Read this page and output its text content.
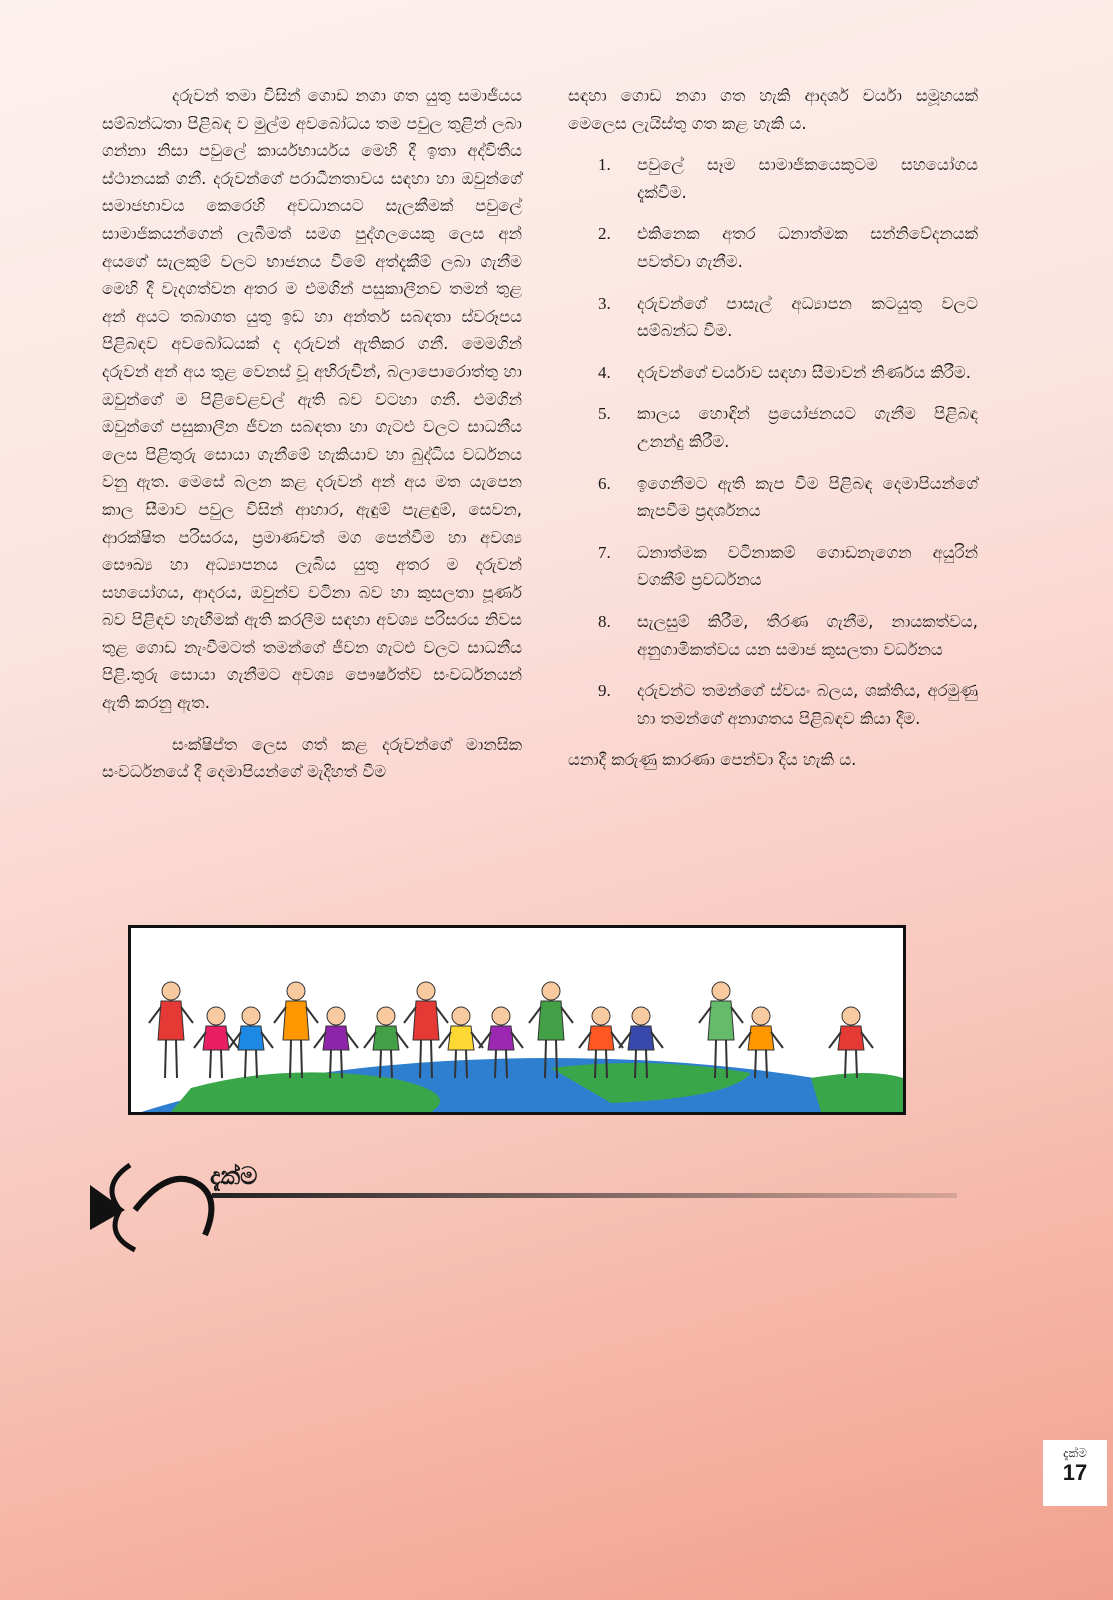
දරුවන් තමා විසින් ගොඩ නගා ගත යුතු සමාජීයය සම්බන්ධතා පිළිබඳ ව මුල්ම අවබෝධය තම පවුල තුළින් ලබා ගන්නා නිසා පවුලේ කාර්යභාර්යය මෙහි දී ඉතා අද්විතීය ස්ථානයක් ගනී. දරුවන්ගේ පරාධීනතාවය සඳහා හා ඔවුන්ගේ සමාජභාවය කෙරෙහි අවධානයට සැලකීමක් පවුලේ සාමාජිකයන්ගෙන් ලැබීමත් සමග පුද්ගලයෙකු ලෙස අන් අයගේ සැලකුම් වලට භාජනය වීමේ අත්දැකීම් ලබා ගැනීම මෙහි දී වැදගත්වන අතර ම එමගින් පසුකාලීනව තමන් තුළ අන් අයට තබාගත යුතු ඉඩ හා අන්තර් සබඳතා ස්වරූපය පිළිබඳව අවබෝධයක් ද දරුවන් ඇතිකර ගනී. මෙමගින් දරුවන් අන් අය තුළ වෙනස් වූ අභිරුචීන්, බලාපොරොත්තු හා ඔවුන්ගේ ම පිළිවෙළවල් ඇති බව වටහා ගනී. එමගින් ඔවුන්ගේ පසුකාලීන ජීවන සබඳතා හා ගැටළු වලට සාධනීය ලෙස පිළිතුරු සොයා ගැනීමේ හැකියාව හා බුද්ධිය වර්ධනය වනු ඇත. මෙසේ බලන කළ දරුවන් අන් අය මත යැපෙන කාල සීමාව පවුල විසින් ආහාර, ඇඳුම් පැළඳුම්, සෙවන, ආරක්ෂිත පරිසරය, ප්‍රමාණවත් මග පෙන්වීම හා අවශ්‍ය සෞඛ්‍ය හා අධ්‍යාපනය ලැබිය යුතු අතර ම දරුවන් සහයෝගය, ආදරය, ඔවුන්ව වටිනා බව හා කුසලතා පූර්ණ බව පිළිඳව හැඟීමක් ඇති කරලීම සඳහා අවශ්‍ය පරිසරය නිවස තුළ ගොඩ නැංවීමටත් තමන්ගේ ජීවන ගැටළු වලට සාධනීය පිළි.තුරු සොයා ගැනීමට අවශ්‍ය පෞර්ෂත්ව සංවර්ධනයන් ඇති කරනු ඇත.

සංක්ෂිප්ත ලෙස ගත් කළ දරුවන්ගේ මානසික සංවර්ධනයේ දී දෙමාපියන්ගේ මැදිහත් වීම

සඳහා ගොඩ නගා ගත හැකි ආදර්ශ චර්යා සමූහයක් මෙලෙස ලැයිස්තු ගත කළ හැකි ය.

1. පවුලේ සෑම සාමාජිකයෙකුටම සහයෝගය දැක්වීම.
2. එකිනෙක අතර ධනාත්මක සන්නිවේදනයක් පවත්වා ගැනීම.
3. දරුවන්ගේ පාසැල් අධ්‍යාපන කටයුතු වලට සම්බන්ධ වීම.
4. දරුවන්ගේ චර්යාව සඳහා සීමාවන් නිර්ණය කිරීම.
5. කාලය හොඳින් ප්‍රයෝජනයට ගැනීම පිළිබඳ උනන්දු කිරීම.
6. ඉගෙනීමට ඇති කැප වීම පිළිබඳ දෙමාපියන්ගේ කැපවීම ප්‍රදර්ශනය
7. ධනාත්මක වටිනාකම් ගොඩනැගෙන අයුරින් වගකීම් ප්‍රවර්ධනය
8. සැලසුම් කිරීම, තීරණ ගැනීම, නායකත්වය, අනුගාමිකත්වය යන සමාජ කුසලතා වර්ධනය
9. දරුවන්ට තමන්ගේ ස්වයං බලය, ශක්තිය, අරමුණු හා තමන්ගේ අනාගතය පිළිබඳව කියා දීම.

යනාදී කරුණු කාරණා පෙන්වා දිය හැකි ය.

දැක්ම
දැක්ම
17
